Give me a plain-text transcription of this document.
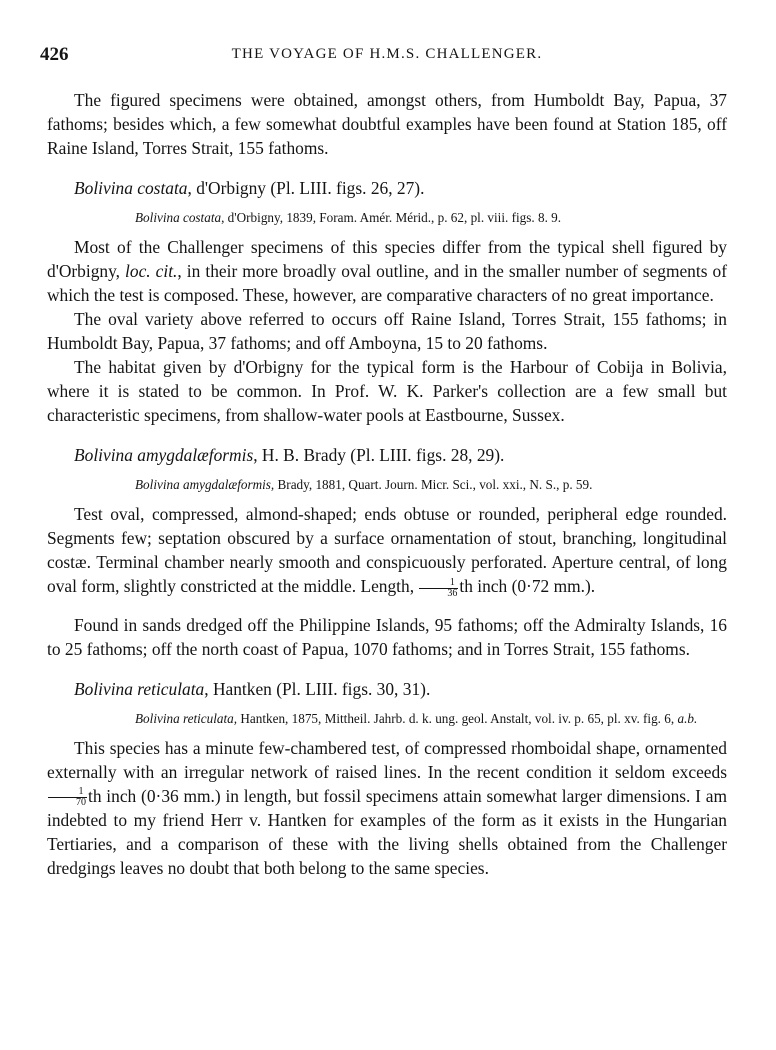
426	THE VOYAGE OF H.M.S. CHALLENGER.

The figured specimens were obtained, amongst others, from Humboldt Bay, Papua, 37 fathoms; besides which, a few somewhat doubtful examples have been found at Station 185, off Raine Island, Torres Strait, 155 fathoms.

Bolivina costata, d'Orbigny (Pl. LIII. figs. 26, 27).
Bolivina costata, d'Orbigny, 1839, Foram. Amér. Mérid., p. 62, pl. viii. figs. 8. 9.

Most of the Challenger specimens of this species differ from the typical shell figured by d'Orbigny, loc. cit., in their more broadly oval outline, and in the smaller number of segments of which the test is composed. These, however, are comparative characters of no great importance.

The oval variety above referred to occurs off Raine Island, Torres Strait, 155 fathoms; in Humboldt Bay, Papua, 37 fathoms; and off Amboyna, 15 to 20 fathoms.

The habitat given by d'Orbigny for the typical form is the Harbour of Cobija in Bolivia, where it is stated to be common. In Prof. W. K. Parker's collection are a few small but characteristic specimens, from shallow-water pools at Eastbourne, Sussex.

Bolivina amygdalæformis, H. B. Brady (Pl. LIII. figs. 28, 29).
Bolivina amygdalæformis, Brady, 1881, Quart. Journ. Micr. Sci., vol. xxi., N. S., p. 59.

Test oval, compressed, almond-shaped; ends obtuse or rounded, peripheral edge rounded. Segments few; septation obscured by a surface ornamentation of stout, branching, longitudinal costæ. Terminal chamber nearly smooth and conspicuously perforated. Aperture central, of long oval form, slightly constricted at the middle. Length, $\frac{1}{36}$ th inch (0·72 mm.).

Found in sands dredged off the Philippine Islands, 95 fathoms; off the Admiralty Islands, 16 to 25 fathoms; off the north coast of Papua, 1070 fathoms; and in Torres Strait, 155 fathoms.

Bolivina reticulata, Hantken (Pl. LIII. figs. 30, 31).
Bolivina reticulata, Hantken, 1875, Mittheil. Jahrb. d. k. ung. geol. Anstalt, vol. iv. p. 65, pl. xv. fig. 6, a.b.

This species has a minute few-chambered test, of compressed rhomboidal shape, ornamented externally with an irregular network of raised lines. In the recent condition it seldom exceeds
$\frac{1}{70}$ th inch (0·36 mm.) in length, but fossil specimens attain somewhat larger dimensions. I am indebted to my friend Herr v. Hantken for examples of the form as it exists in the Hungarian Tertiaries, and a comparison of these with the living shells obtained from the Challenger dredgings leaves no doubt that both belong to the same species.
